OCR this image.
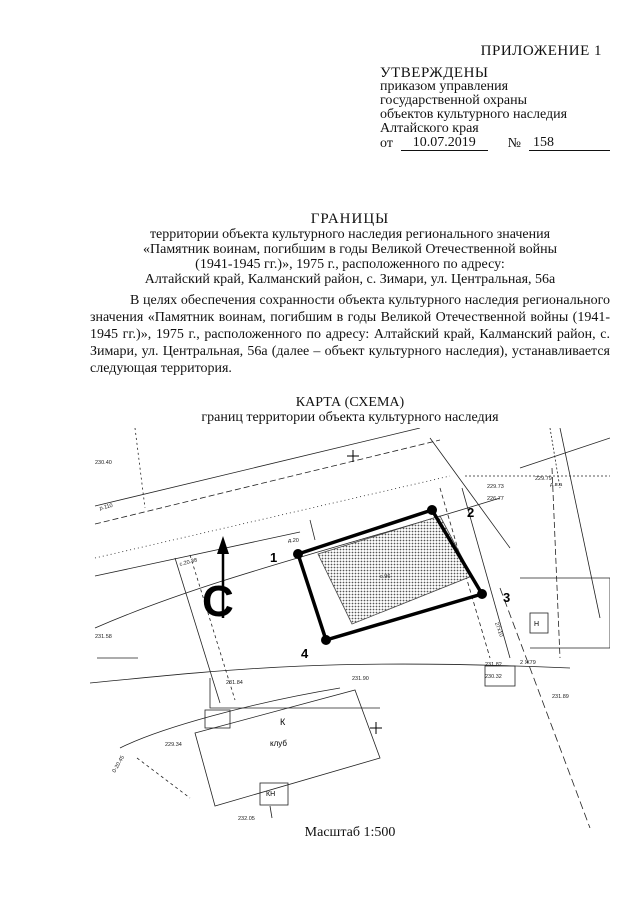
ПРИЛОЖЕНИЕ 1
УТВЕРЖДЕНЫ
приказом управления
государственной охраны
объектов культурного наследия
Алтайского края
от	10.07.2019	№ 158
ГРАНИЦЫ
территории объекта культурного наследия регионального значения
«Памятник воинам, погибшим в годы Великой Отечественной войны
(1941-1945 гг.)», 1975 г., расположенного по адресу:
Алтайский край, Калманский район, с. Зимари, ул. Центральная, 56а

В целях обеспечения сохранности объекта культурного наследия регионального значения «Памятник воинам, погибшим в годы Великой Отечественной войны (1941-1945 гг.)», 1975 г., расположенного по адресу: Алтайский край, Калманский район, с. Зимари, ул. Центральная, 56а (далее – объект культурного наследия), устанавливается следующая территория.

КАРТА (СХЕМА)
границ территории объекта культурного наследия
1
2
3
4
С
К
клуб
КН
Н
230.40
229.79
229.73
226.77
231.58
231.84
231.90
229.34
231.82
230.32
231.89
232.05
р.110
д.20
27х10
2 Ж79
0-20.45
с.20.38
с.96
д.в.а
Масштаб 1:500
